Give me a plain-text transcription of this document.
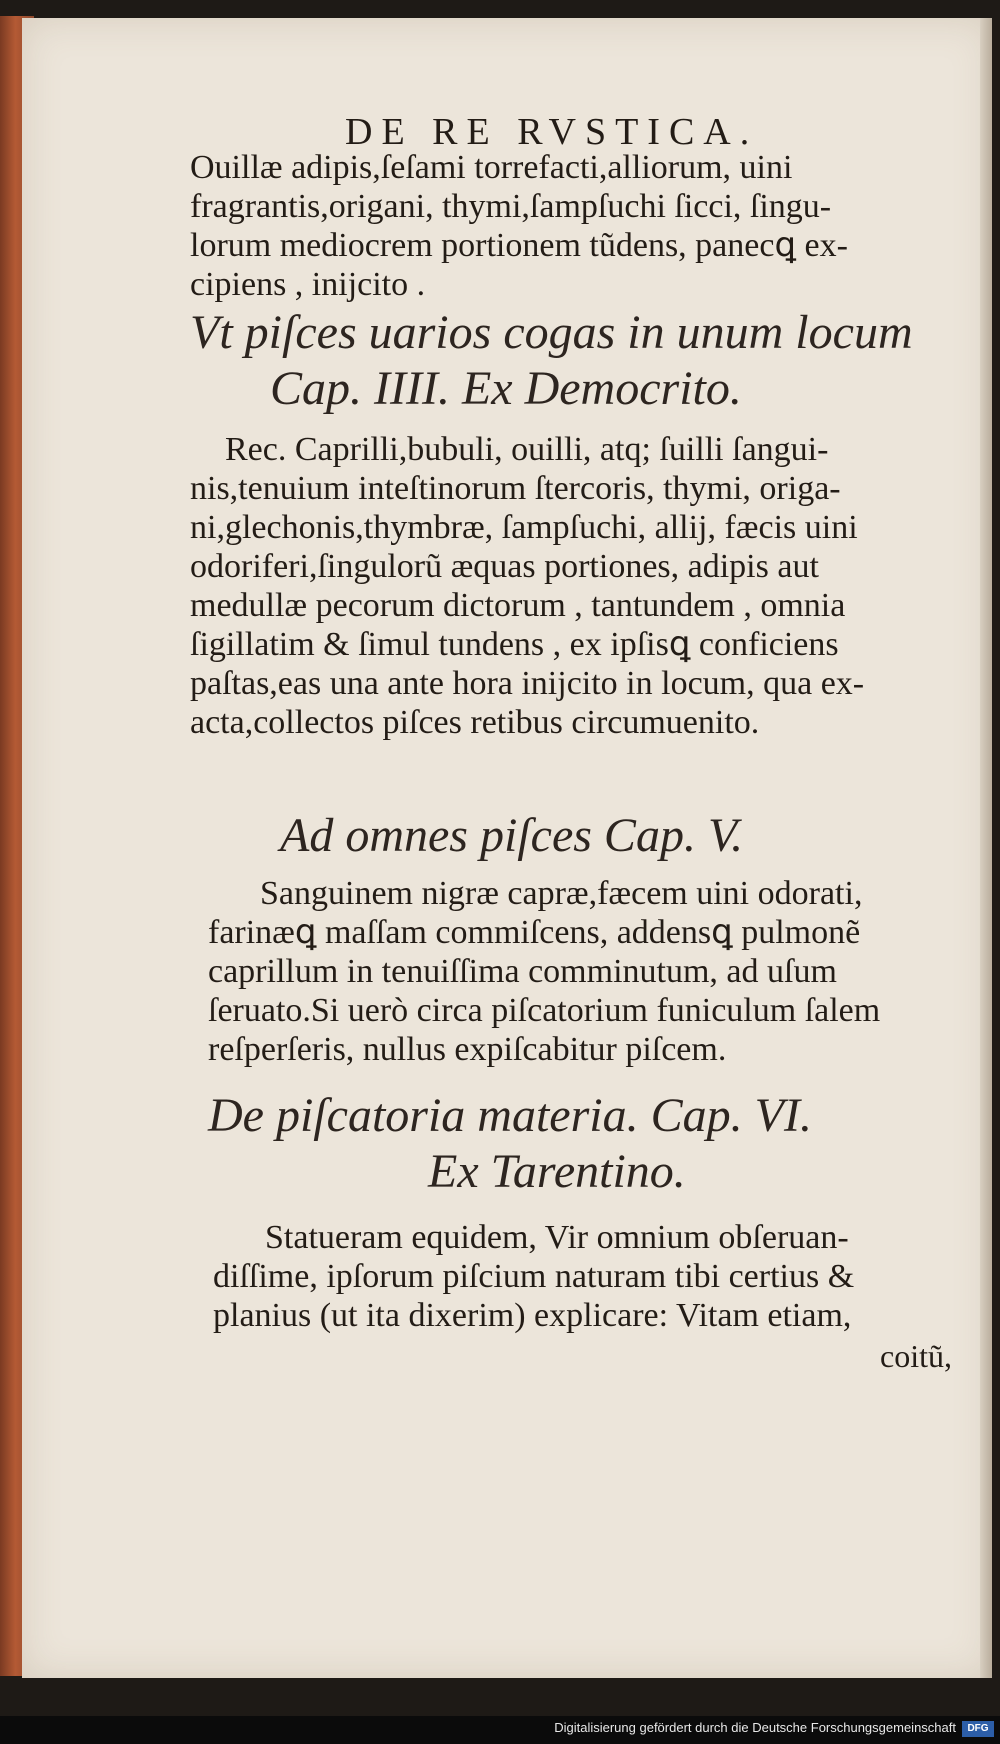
DE RE RVSTICA.
Ouillæ adipis,ſeſami torrefacti,alliorum, uini
fragrantis,origani, thymi,ſampſuchi ſicci, ſingu-
lorum mediocrem portionem tũdens, panecꝗ ex-
cipiens , inijcito .
Vt piſces uarios cogas in unum locum
Cap. IIII. Ex Democrito.
Rec. Caprilli,bubuli, ouilli, atq; ſuilli ſangui-
nis,tenuium inteſtinorum ſtercoris, thymi, origa-
ni,glechonis,thymbræ, ſampſuchi, allij, fæcis uini
odoriferi,ſingulorũ æquas portiones, adipis aut
medullæ pecorum dictorum , tantundem , omnia
ſigillatim & ſimul tundens , ex ipſisꝗ conficiens
paſtas,eas una ante hora inijcito in locum, qua ex-
acta,collectos piſces retibus circumuenito.
Ad omnes piſces Cap. V.
Sanguinem nigræ capræ,fæcem uini odorati,
farinæꝗ maſſam commiſcens, addensꝗ pulmonẽ
caprillum in tenuiſſima comminutum, ad uſum
ſeruato.Si uerò circa piſcatorium funiculum ſalem
reſperſeris, nullus expiſcabitur piſcem.
De piſcatoria materia. Cap. VI.
Ex Tarentino.
Statueram equidem, Vir omnium obſeruan-
diſſime, ipſorum piſcium naturam tibi certius &
planius (ut ita dixerim) explicare: Vitam etiam,
coitũ,
Digitalisierung gefördert durch die Deutsche Forschungsgemeinschaft	DFG
